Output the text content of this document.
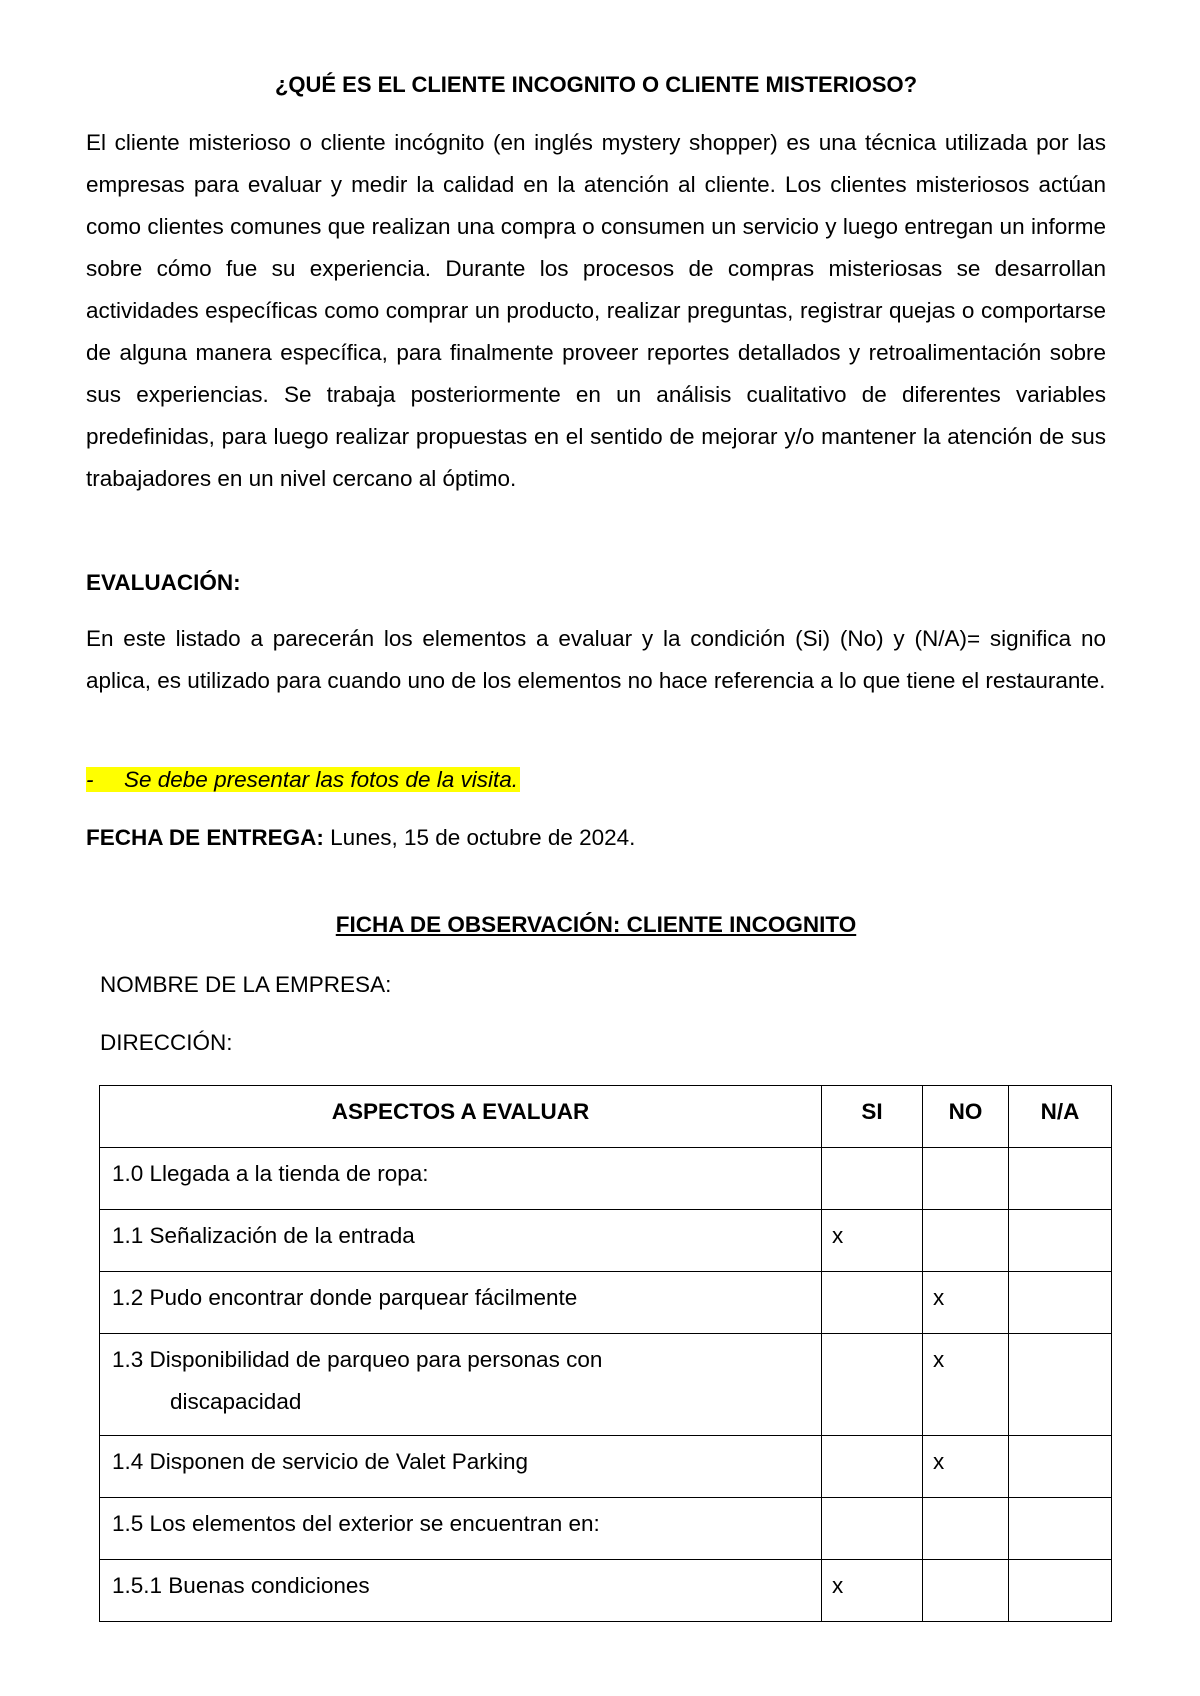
¿QUÉ ES EL CLIENTE INCOGNITO O CLIENTE MISTERIOSO?

El cliente misterioso o cliente incógnito (en inglés mystery shopper) es una técnica utilizada por las empresas para evaluar y medir la calidad en la atención al cliente. Los clientes misteriosos actúan como clientes comunes que realizan una compra o consumen un servicio y luego entregan un informe sobre cómo fue su experiencia. Durante los procesos de compras misteriosas se desarrollan actividades específicas como comprar un producto, realizar preguntas, registrar quejas o comportarse de alguna manera específica, para finalmente proveer reportes detallados y retroalimentación sobre sus experiencias. Se trabaja posteriormente en un análisis cualitativo de diferentes variables predefinidas, para luego realizar propuestas en el sentido de mejorar y/o mantener la atención de sus trabajadores en un nivel cercano al óptimo.

EVALUACIÓN:

En este listado a parecerán los elementos a evaluar y la condición (Si) (No) y (N/A)= significa no aplica, es utilizado para cuando uno de los elementos no hace referencia a lo que tiene el restaurante.

- Se debe presentar las fotos de la visita.
FECHA DE ENTREGA: Lunes, 15 de octubre de 2024.
FICHA DE OBSERVACIÓN: CLIENTE INCOGNITO
NOMBRE DE LA EMPRESA:
DIRECCIÓN:
ASPECTOS A EVALUAR	SI	NO	N/A
1.0 Llegada a la tienda de ropa:			
1.1 Señalización de la entrada	x		
1.2 Pudo encontrar donde parquear fácilmente		x	
1.3 Disponibilidad de parqueo para personas con
discapacidad		x	
1.4 Disponen de servicio de Valet Parking		x	
1.5 Los elementos del exterior se encuentran en:			
1.5.1 Buenas condiciones	x		
